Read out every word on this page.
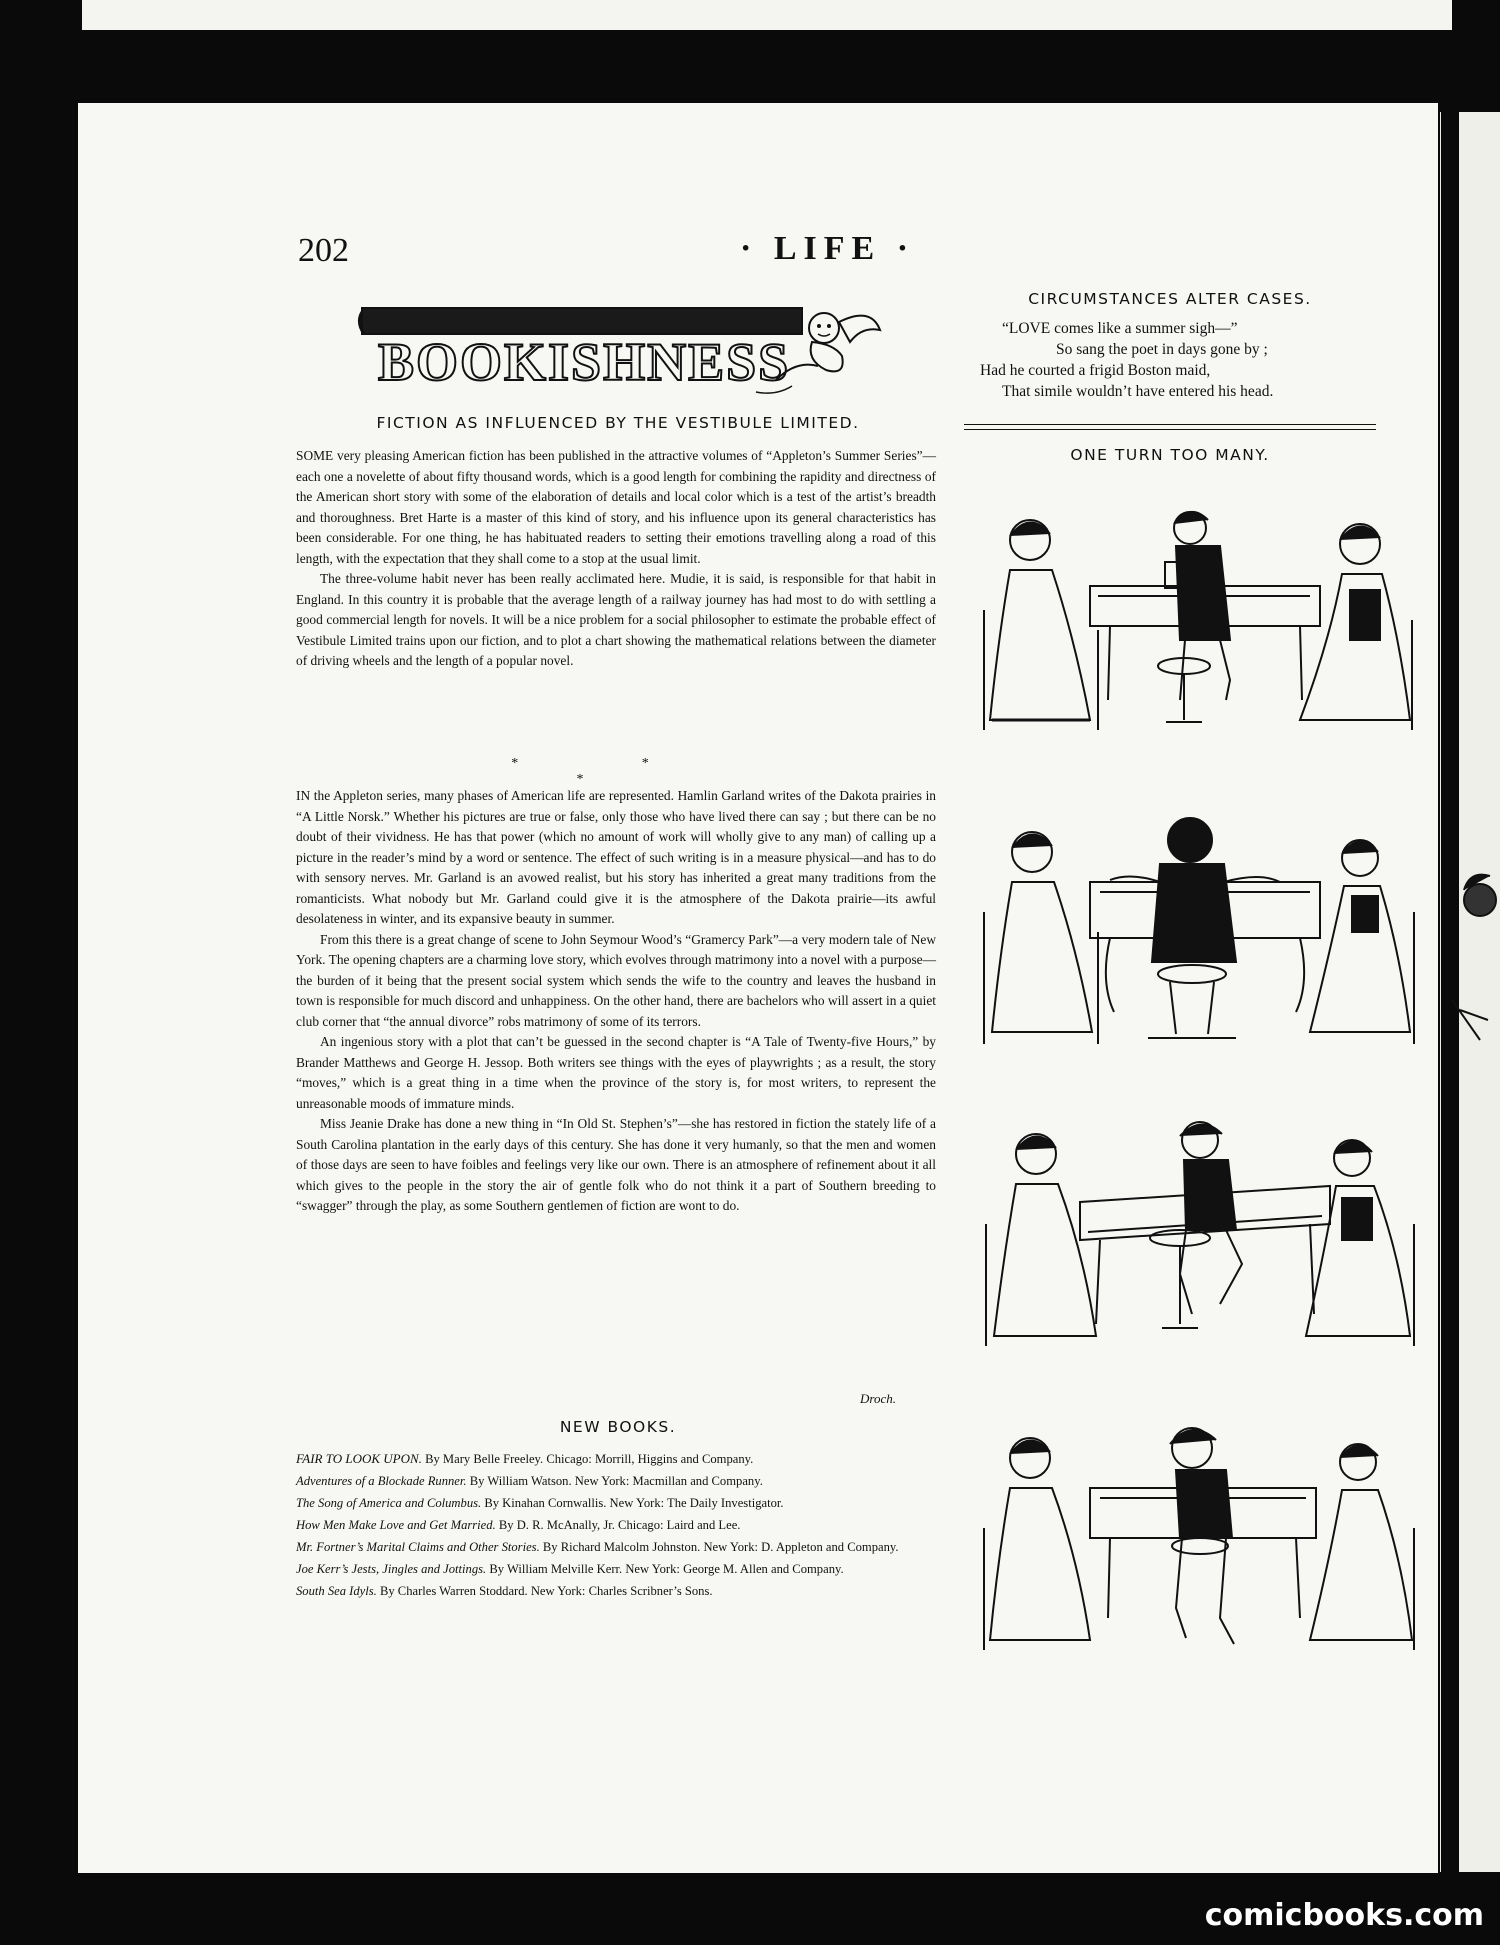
202	· LIFE ·
BOOKISHNESS
FICTION AS INFLUENCED BY THE VESTIBULE LIMITED.

SOME very pleasing American fiction has been published in the attractive volumes of “Appleton’s Summer Series”—each one a novelette of about fifty thousand words, which is a good length for combining the rapidity and directness of the American short story with some of the elaboration of details and local color which is a test of the artist’s breadth and thoroughness. Bret Harte is a master of this kind of story, and his influence upon its general characteristics has been considerable. For one thing, he has habituated readers to setting their emotions travelling along a road of this length, with the expectation that they shall come to a stop at the usual limit.

The three-volume habit never has been really acclimated here. Mudie, it is said, is responsible for that habit in England. In this country it is probable that the average length of a railway journey has had most to do with settling a good commercial length for novels. It will be a nice problem for a social philosopher to estimate the probable effect of Vestibule Limited trains upon our fiction, and to plot a chart showing the mathematical relations between the diameter of driving wheels and the length of a popular novel.

* * *

IN the Appleton series, many phases of American life are represented. Hamlin Garland writes of the Dakota prairies in “A Little Norsk.” Whether his pictures are true or false, only those who have lived there can say ; but there can be no doubt of their vividness. He has that power (which no amount of work will wholly give to any man) of calling up a picture in the reader’s mind by a word or sentence. The effect of such writing is in a measure physical—and has to do with sensory nerves. Mr. Garland is an avowed realist, but his story has inherited a great many traditions from the romanticists. What nobody but Mr. Garland could give it is the atmosphere of the Dakota prairie—its awful desolateness in winter, and its expansive beauty in summer.

From this there is a great change of scene to John Seymour Wood’s “Gramercy Park”—a very modern tale of New York. The opening chapters are a charming love story, which evolves through matrimony into a novel with a purpose—the burden of it being that the present social system which sends the wife to the country and leaves the husband in town is responsible for much discord and unhappiness. On the other hand, there are bachelors who will assert in a quiet club corner that “the annual divorce” robs matrimony of some of its terrors.

An ingenious story with a plot that can’t be guessed in the second chapter is “A Tale of Twenty-five Hours,” by Brander Matthews and George H. Jessop. Both writers see things with the eyes of playwrights ; as a result, the story “moves,” which is a great thing in a time when the province of the story is, for most writers, to represent the unreasonable moods of immature minds.

Miss Jeanie Drake has done a new thing in “In Old St. Stephen’s”—she has restored in fiction the stately life of a South Carolina plantation in the early days of this century. She has done it very humanly, so that the men and women of those days are seen to have foibles and feelings very like our own. There is an atmosphere of refinement about it all which gives to the people in the story the air of gentle folk who do not think it a part of Southern breeding to “swagger” through the play, as some Southern gentlemen of fiction are wont to do.

Droch.
NEW BOOKS.
FAIR TO LOOK UPON. By Mary Belle Freeley. Chicago: Morrill, Higgins and Company.
Adventures of a Blockade Runner. By William Watson. New York: Macmillan and Company.
The Song of America and Columbus. By Kinahan Cornwallis. New York: The Daily Investigator.
How Men Make Love and Get Married. By D. R. McAnally, Jr. Chicago: Laird and Lee.
Mr. Fortner’s Marital Claims and Other Stories. By Richard Malcolm Johnston. New York: D. Appleton and Company.
Joe Kerr’s Jests, Jingles and Jottings. By William Melville Kerr. New York: George M. Allen and Company.
South Sea Idyls. By Charles Warren Stoddard. New York: Charles Scribner’s Sons.
CIRCUMSTANCES ALTER CASES.
“LOVE comes like a summer sigh—”
So sang the poet in days gone by ;
Had he courted a frigid Boston maid,
That simile wouldn’t have entered his head.
ONE TURN TOO MANY.
comicbooks.com
